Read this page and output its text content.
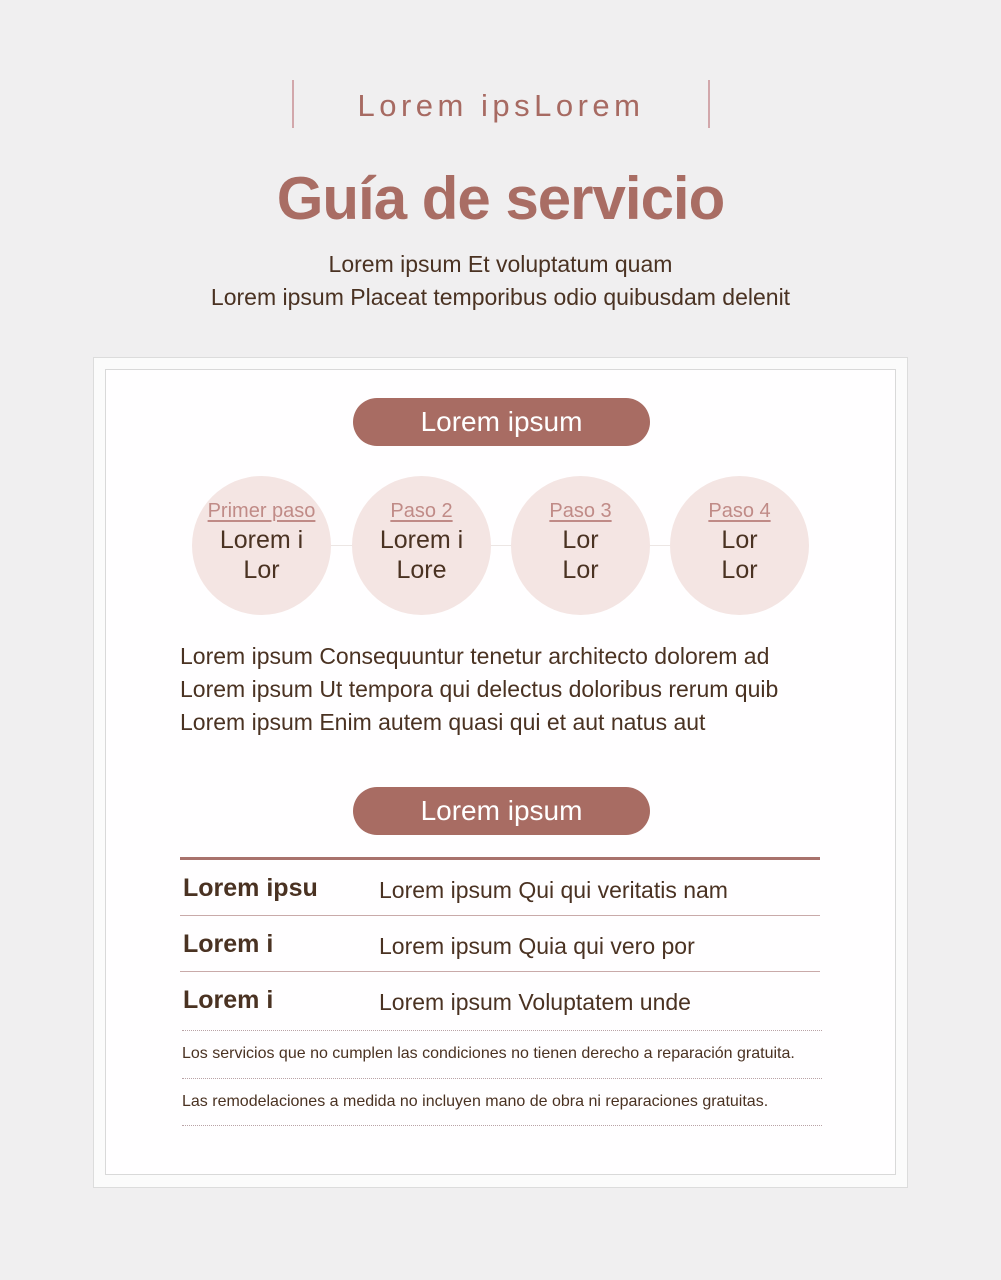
Lorem ipsLorem
Guía de servicio
Lorem ipsum Et voluptatum quam
Lorem ipsum Placeat temporibus odio quibusdam delenit
Lorem ipsum
Primer paso
Lorem i
Lor
Paso 2
Lorem i
Lore
Paso 3
Lor
Lor
Paso 4
Lor
Lor
Lorem ipsum Consequuntur tenetur architecto dolorem ad
Lorem ipsum Ut tempora qui delectus doloribus rerum quib
Lorem ipsum Enim autem quasi qui et aut natus aut
Lorem ipsum
Lorem ipsu	Lorem ipsum Qui qui veritatis nam
Lorem i	Lorem ipsum Quia qui vero por
Lorem i	Lorem ipsum Voluptatem unde
Los servicios que no cumplen las condiciones no tienen derecho a reparación gratuita.
Las remodelaciones a medida no incluyen mano de obra ni reparaciones gratuitas.
